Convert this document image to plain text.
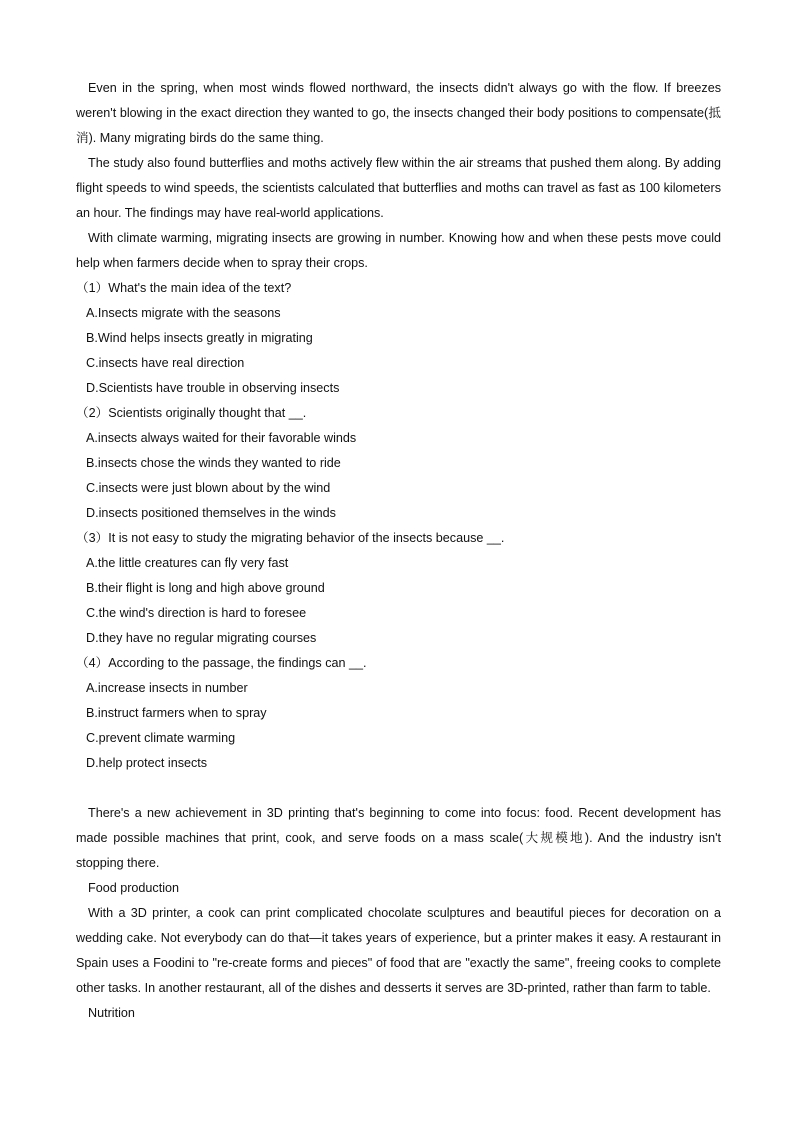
Even in the spring, when most winds flowed northward, the insects didn't always go with the flow. If breezes weren't blowing in the exact direction they wanted to go, the insects changed their body positions to compensate(抵消). Many migrating birds do the same thing.

The study also found butterflies and moths actively flew within the air streams that pushed them along. By adding flight speeds to wind speeds, the scientists calculated that butterflies and moths can travel as fast as 100 kilometers an hour. The findings may have real-world applications.

With climate warming, migrating insects are growing in number. Knowing how and when these pests move could help when farmers decide when to spray their crops.

（1）What's the main idea of the text?

A.Insects migrate with the seasons

B.Wind helps insects greatly in migrating

C.insects have real direction

D.Scientists have trouble in observing insects

（2）Scientists originally thought that __.

A.insects always waited for their favorable winds

B.insects chose the winds they wanted to ride

C.insects were just blown about by the wind

D.insects positioned themselves in the winds

（3）It is not easy to study the migrating behavior of the insects because __.

A.the little creatures can fly very fast

B.their flight is long and high above ground

C.the wind's direction is hard to foresee

D.they have no regular migrating courses

（4）According to the passage, the findings can __.

A.increase insects in number

B.instruct farmers when to spray

C.prevent climate warming

D.help protect insects

There's a new achievement in 3D printing that's beginning to come into focus: food. Recent development has made possible machines that print, cook, and serve foods on a mass scale(大规模地). And the industry isn't stopping there.

Food production

With a 3D printer, a cook can print complicated chocolate sculptures and beautiful pieces for decoration on a wedding cake. Not everybody can do that—it takes years of experience, but a printer makes it easy. A restaurant in Spain uses a Foodini to "re-create forms and pieces" of food that are "exactly the same", freeing cooks to complete other tasks. In another restaurant, all of the dishes and desserts it serves are 3D-printed, rather than farm to table.

Nutrition
